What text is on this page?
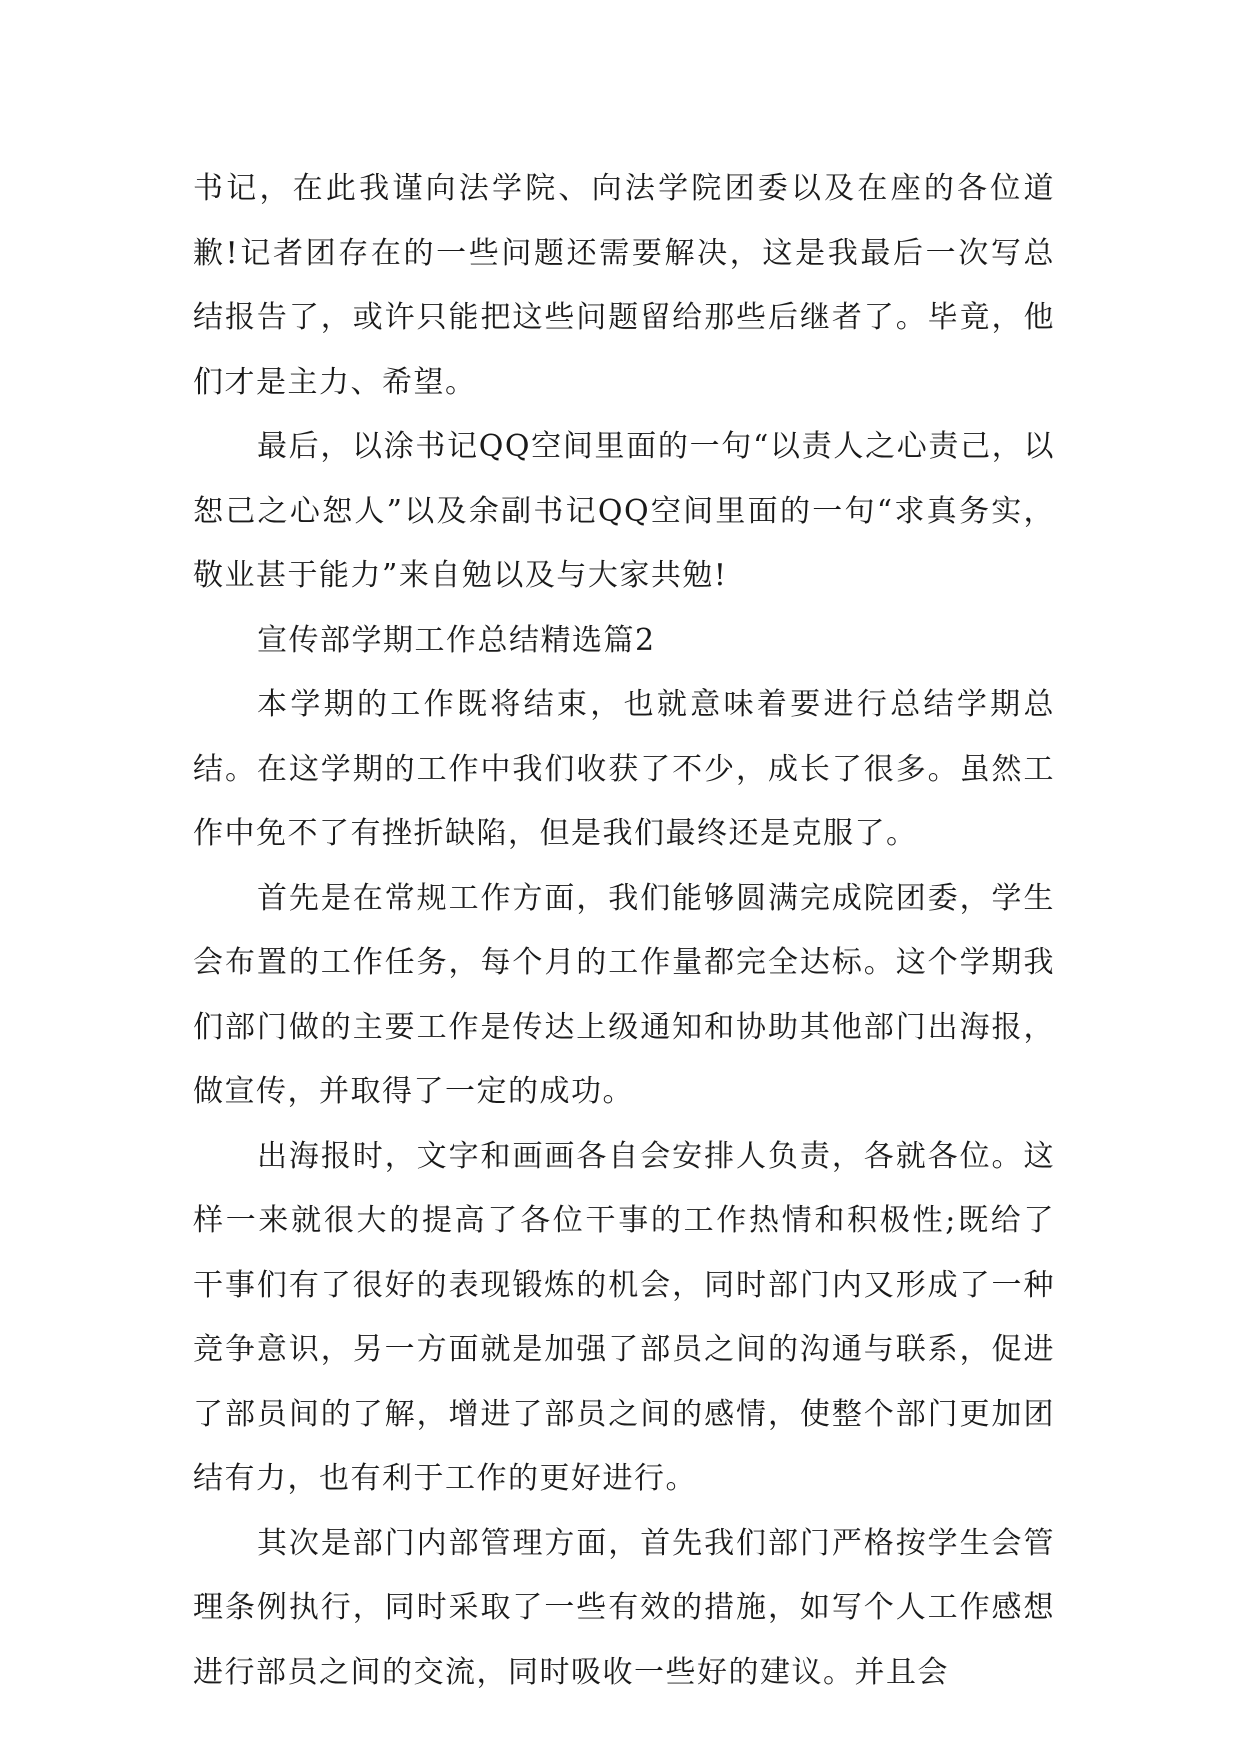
书记，在此我谨向法学院、向法学院团委以及在座的各位道歉!记者团存在的一些问题还需要解决，这是我最后一次写总结报告了，或许只能把这些问题留给那些后继者了。毕竟，他们才是主力、希望。

最后，以涂书记QQ空间里面的一句“以责人之心责己，以恕己之心恕人”以及余副书记QQ空间里面的一句“求真务实，敬业甚于能力”来自勉以及与大家共勉!

宣传部学期工作总结精选篇2

本学期的工作既将结束，也就意味着要进行总结学期总结。在这学期的工作中我们收获了不少，成长了很多。虽然工作中免不了有挫折缺陷，但是我们最终还是克服了。

首先是在常规工作方面，我们能够圆满完成院团委，学生会布置的工作任务，每个月的工作量都完全达标。这个学期我们部门做的主要工作是传达上级通知和协助其他部门出海报，做宣传，并取得了一定的成功。

出海报时，文字和画画各自会安排人负责，各就各位。这样一来就很大的提高了各位干事的工作热情和积极性;既给了干事们有了很好的表现锻炼的机会，同时部门内又形成了一种竞争意识，另一方面就是加强了部员之间的沟通与联系，促进了部员间的了解，增进了部员之间的感情，使整个部门更加团结有力，也有利于工作的更好进行。

其次是部门内部管理方面，首先我们部门严格按学生会管理条例执行，同时采取了一些有效的措施，如写个人工作感想进行部员之间的交流，同时吸收一些好的建议。并且会
